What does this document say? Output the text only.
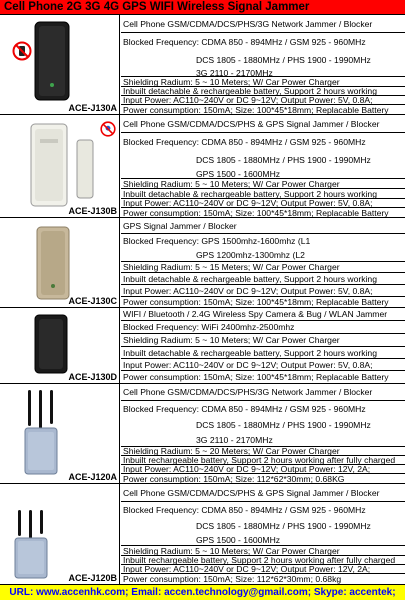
Cell Phone 2G 3G 4G GPS WIFI Wireless Signal Jammer
ACE-J130A
Cell Phone GSM/CDMA/DCS/PHS/3G Network Jammer / Blocker
Blocked Frequency: CDMA 850 - 894MHz / GSM 925 - 960MHz
DCS 1805 - 1880MHz / PHS 1900 - 1990MHz
3G 2110 - 2170MHz
Shielding Radium: 5 ~ 10 Meters; W/ Car Power Charger
Inbuilt detachable & rechargeable battery, Support 2 hours working
Input Power: AC110~240V or DC 9~12V; Output Power: 5V, 0.8A;
Power consumption: 150mA; Size: 100*45*18mm; Replacable Battery
ACE-J130B
Cell Phone GSM/CDMA/DCS/PHS & GPS Signal Jammer / Blocker
Blocked Frequency: CDMA 850 - 894MHz / GSM 925 - 960MHz
DCS 1805 - 1880MHz / PHS 1900 - 1990MHz
GPS 1500 - 1600MHz
Shielding Radium: 5 ~ 10 Meters; W/ Car Power Charger
Inbuilt detachable & rechargeable battery, Support 2 hours working
Input Power: AC110~240V or DC 9~12V; Output Power: 5V, 0.8A;
Power consumption: 150mA; Size: 100*45*18mm; Replacable Battery
ACE-J130C
GPS Signal Jammer / Blocker
Blocked Frequency: GPS 1500mhz-1600mhz (L1
GPS 1200mhz-1300mhz (L2
Shielding Radium: 5 ~ 15 Meters; W/ Car Power Charger
Inbuilt detachable & rechargeable battery, Support 2 hours working
Input Power: AC110~240V or DC 9~12V; Output Power: 5V, 0.8A;
Power consumption: 150mA; Size: 100*45*18mm; Replacable Battery
ACE-J130D
WIFI / Bluetooth / 2.4G Wireless Spy Camera & Bug / WLAN Jammer
Blocked Frequency: WiFi 2400mhz-2500mhz
Shielding Radium: 5 ~ 10 Meters; W/ Car Power Charger
Inbuilt detachable & rechargeable battery, Support 2 hours working
Input Power: AC110~240V or DC 9~12V; Output Power: 5V, 0.8A;
Power consumption: 150mA; Size: 100*45*18mm; Replacable Battery
ACE-J120A
Cell Phone GSM/CDMA/DCS/PHS/3G Network Jammer / Blocker
Blocked Frequency: CDMA 850 - 894MHz / GSM 925 - 960MHz
DCS 1805 - 1880MHz / PHS 1900 - 1990MHz
3G 2110 - 2170MHz
Shielding Radium: 5 ~ 20 Meters; W/ Car Power Charger
Inbuilt rechargeable battery, Support 2 hours working after fully charged
Input Power: AC110~240V or DC 9~12V; Output Power: 12V, 2A;
Power consumption: 150mA; Size: 112*62*30mm; 0.68KG
ACE-J120B
Cell Phone GSM/CDMA/DCS/PHS & GPS Signal Jammer / Blocker
Blocked Frequency: CDMA 850 - 894MHz / GSM 925 - 960MHz
DCS 1805 - 1880MHz / PHS 1900 - 1990MHz
GPS 1500 - 1600MHz
Shielding Radium: 5 ~ 10 Meters; W/ Car Power Charger
Inbuilt rechargeable battery, Support 2 hours working after fully charged
Input Power: AC110~240V or DC 9~12V; Output Power: 12V, 2A;
Power consumption: 150mA; Size: 112*62*30mm; 0.68kg
URL: www.accenhk.com; Email: accen.technology@gmail.com; Skype: accentek;
